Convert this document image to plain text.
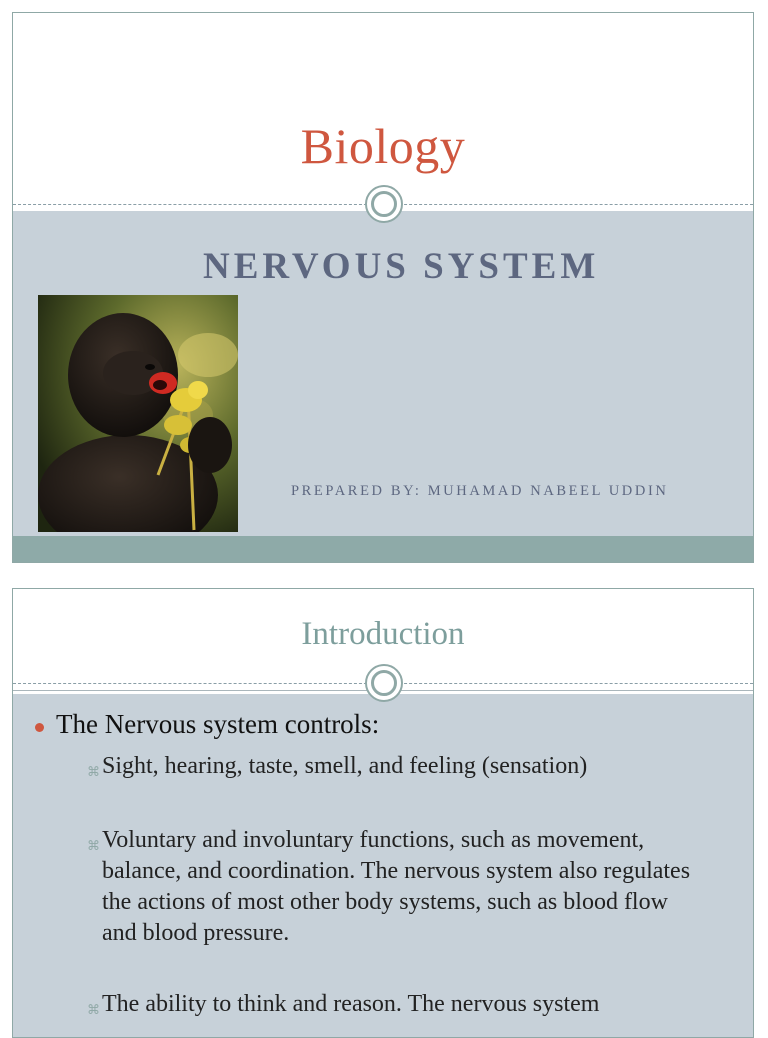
Biology
NERVOUS SYSTEM
PREPARED BY: MUHAMAD NABEEL UDDIN
Introduction
The Nervous system controls:
⌘ Sight, hearing, taste, smell, and feeling (sensation)
⌘ Voluntary and involuntary functions, such as movement, balance, and coordination. The nervous system also regulates the actions of most other body systems, such as blood flow and blood pressure.
⌘ The ability to think and reason. The nervous system
